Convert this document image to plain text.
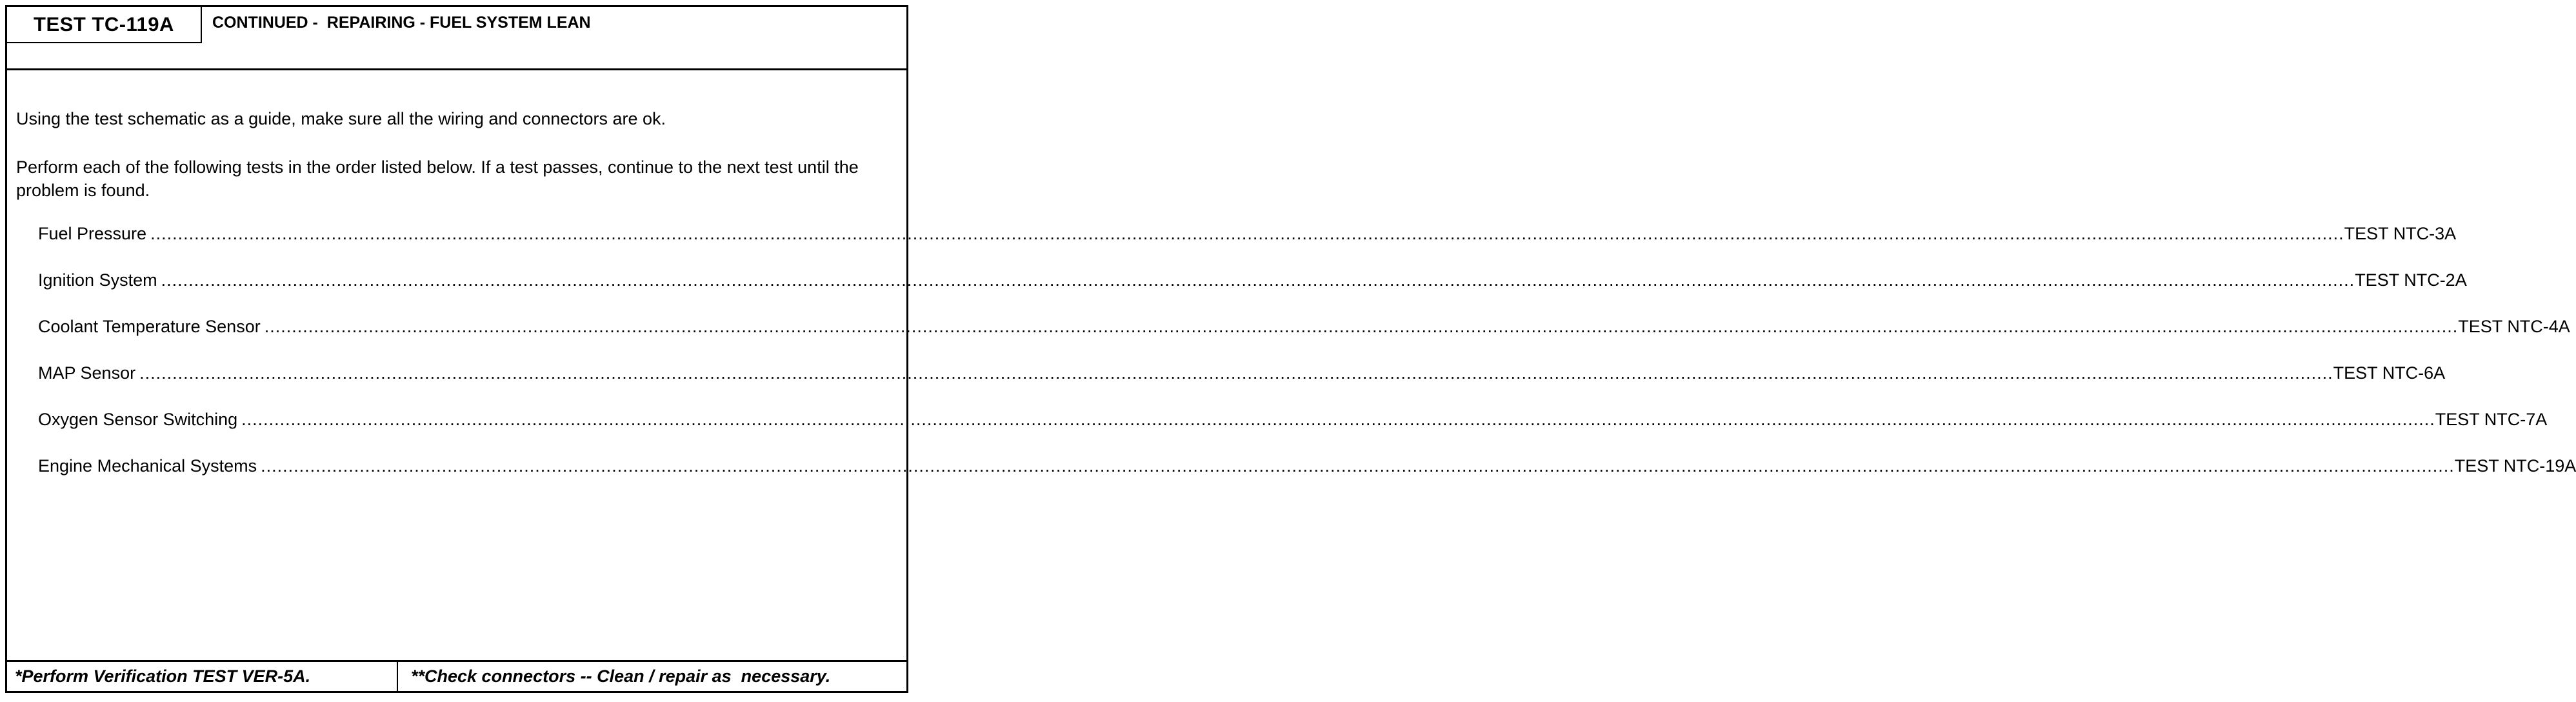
TEST TC-119A	CONTINUED -  REPAIRING - FUEL SYSTEM LEAN
Using the test schematic as a guide, make sure all the wiring and connectors are ok.
Perform each of the following tests in the order listed below. If a test passes, continue to the next test until the problem is found.
Fuel Pressure ................................................................................................................................................................................................................................................................................................................................................................................................................ TEST NTC-3A
Ignition System ................................................................................................................................................................................................................................................................................................................................................................................................................ TEST NTC-2A
Coolant Temperature Sensor ................................................................................................................................................................................................................................................................................................................................................................................................................ TEST NTC-4A
MAP Sensor ................................................................................................................................................................................................................................................................................................................................................................................................................ TEST NTC-6A
Oxygen Sensor Switching ................................................................................................................................................................................................................................................................................................................................................................................................................ TEST NTC-7A
Engine Mechanical Systems ................................................................................................................................................................................................................................................................................................................................................................................................................ TEST NTC-19A
*Perform Verification TEST VER-5A.	**Check connectors -- Clean / repair as  necessary.
